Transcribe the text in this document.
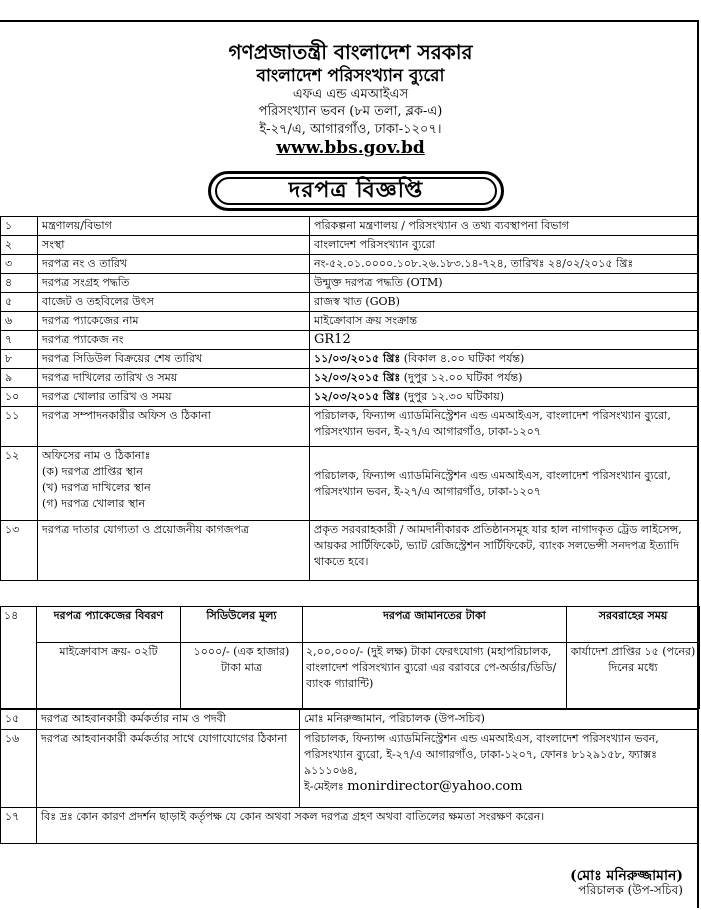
গণপ্রজাতন্ত্রী বাংলাদেশ সরকার
বাংলাদেশ পরিসংখ্যান ব্যুরো
এফএ এন্ড এমআইএস
পরিসংখ্যান ভবন (৮ম তলা, ব্লক-এ)
ই-২৭/এ, আগারগাঁও, ঢাকা-১২০৭।
www.bbs.gov.bd
দরপত্র বিজ্ঞপ্তি
১	মন্ত্রণালয়/বিভাগ	পরিকল্পনা মন্ত্রণালয় / পরিসংখ্যান ও তথ্য ব্যবস্থাপনা বিভাগ
২	সংস্থা	বাংলাদেশ পরিসংখ্যান ব্যুরো
৩	দরপত্র নং ও তারিখ	নং-৫২.০১.০০০০.১০৮.২৬.১৮৩.১৪-৭২৪, তারিখঃ ২৪/০২/২০১৫ খ্রিঃ
৪	দরপত্র সংগ্রহ পদ্ধতি	উন্মুক্ত দরপত্র পদ্ধতি (OTM)
৫	বাজেট ও তহবিলের উৎস	রাজস্ব খাত (GOB)
৬	দরপত্র প্যাকেজের নাম	মাইক্রোবাস ক্রয় সংক্রান্ত
৭	দরপত্র প্যাকেজ নং	GR12
৮	দরপত্র সিডিউল বিক্রয়ের শেষ তারিখ	১১/০৩/২০১৫ খ্রিঃ (বিকাল ৪.০০ ঘটিকা পর্যন্ত)
৯	দরপত্র দাখিলের তারিখ ও সময়	১২/০৩/২০১৫ খ্রিঃ (দুপুর ১২.০০ ঘটিকা পর্যন্ত)
১০	দরপত্র খোলার তারিখ ও সময়	১২/০৩/২০১৫ খ্রিঃ (দুপুর ১২.৩০ ঘটিকায়)
১১	দরপত্র সম্পাদনকারীর অফিস ও ঠিকানা	পরিচালক, ফিন্যান্স এ্যাডমিনিস্ট্রেশন এন্ড এমআইএস, বাংলাদেশ পরিসংখ্যান ব্যুরো, পরিসংখ্যান ভবন, ই-২৭/এ আগারগাঁও, ঢাকা-১২০৭
১২	অফিসের নাম ও ঠিকানাঃ
(ক) দরপত্র প্রাপ্তির স্থান
(খ) দরপত্র দাখিলের স্থান
(গ) দরপত্র খোলার স্থান	পরিচালক, ফিন্যান্স এ্যাডমিনিস্ট্রেশন এন্ড এমআইএস, বাংলাদেশ পরিসংখ্যান ব্যুরো, পরিসংখ্যান ভবন, ই-২৭/এ আগারগাঁও, ঢাকা-১২০৭
১৩	দরপত্র দাতার যোগ্যতা ও প্রয়োজনীয় কাগজপত্র	প্রকৃত সরবরাহকারী / আমদানীকারক প্রতিষ্ঠানসমূহ যার হাল নাগাদকৃত ট্রেড লাইসেন্স, আয়কর সার্টিফিকেট, ভ্যাট রেজিস্ট্রেশন সার্টিফিকেট, ব্যাংক সলভেন্সী সনদপত্র ইত্যাদি থাকতে হবে।
১৪	দরপত্র প্যাকেজের বিবরণ	সিডিউলের মূল্য	দরপত্র জামানতের টাকা	সরবরাহের সময়
	মাইক্রোবাস ক্রয়- ০২টি	১০০০/- (এক হাজার) টাকা মাত্র	২,০০,০০০/- (দুই লক্ষ) টাকা ফেরৎযোগ্য (মহাপরিচালক, বাংলাদেশ পরিসংখ্যান ব্যুরো এর বরাবরে পে-অর্ডার/ডিডি/ব্যাংক গ্যারান্টি)	কার্যাদেশ প্রাপ্তির ১৫ (পনের) দিনের মধ্যে
১৫	দরপত্র আহবানকারী কর্মকর্তার নাম ও পদবী	মোঃ মনিরুজ্জামান, পরিচালক (উপ-সচিব)
১৬	দরপত্র আহবানকারী কর্মকর্তার সাথে যোগাযোগের ঠিকানা	পরিচালক, ফিন্যান্স এ্যাডমিনিস্ট্রেশন এন্ড এমআইএস, বাংলাদেশ পরিসংখ্যান ভবন, পরিসংখ্যান ব্যুরো, ই-২৭/এ আগারগাঁও, ঢাকা-১২০৭, ফোনঃ ৮১২৯১৫৮, ফ্যাক্সঃ ৯১১১০৬৪,
ই-মেইলঃ monirdirector@yahoo.com
১৭	বিঃ দ্রঃ কোন কারণ প্রদর্শন ছাড়াই কর্তৃপক্ষ যে কোন অথবা সকল দরপত্র গ্রহণ অথবা বাতিলের ক্ষমতা সংরক্ষণ করেন।	
(মোঃ মনিরুজ্জামান)
পরিচালক (উপ-সচিব)
